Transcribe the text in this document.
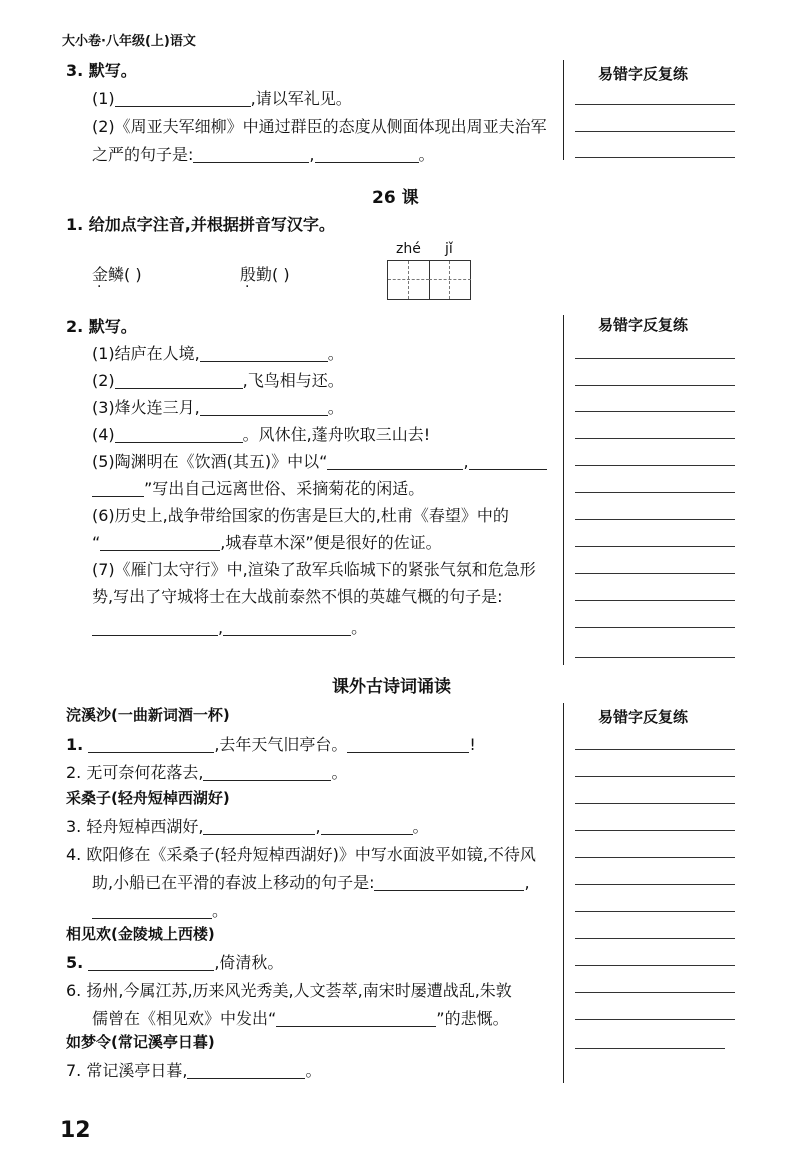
大小卷·八年级(上)语文
易错字反复练
易错字反复练
易错字反复练
3. 默写。
(1)	,请以军礼见。
(2)《周亚夫军细柳》中通过群臣的态度从侧面体现出周亚夫治军
之严的句子是:	,	。
26 课
1. 给加点字注音,并根据拼音写汉字。
金鳞( )	殷勤( )
zhé jǐ
2. 默写。
(1)结庐在人境,	。
(2)	,飞鸟相与还。
(3)烽火连三月,	。
(4)	。风休住,蓬舟吹取三山去!
(5)陶渊明在《饮酒(其五)》中以“	,
”写出自己远离世俗、采摘菊花的闲适。
(6)历史上,战争带给国家的伤害是巨大的,杜甫《春望》中的
“	,城春草木深”便是很好的佐证。
(7)《雁门太守行》中,渲染了敌军兵临城下的紧张气氛和危急形
势,写出了守城将士在大战前泰然不惧的英雄气概的句子是:
,	。
课外古诗词诵读
浣溪沙(一曲新词酒一杯)
1.	,去年天气旧亭台。	!
2. 无可奈何花落去,	。
采桑子(轻舟短棹西湖好)
3. 轻舟短棹西湖好,	,	。
4. 欧阳修在《采桑子(轻舟短棹西湖好)》中写水面波平如镜,不待风
助,小船已在平滑的春波上移动的句子是:	,
。
相见欢(金陵城上西楼)
5.	,倚清秋。
6. 扬州,今属江苏,历来风光秀美,人文荟萃,南宋时屡遭战乱,朱敦
儒曾在《相见欢》中发出“	”的悲慨。
如梦令(常记溪亭日暮)
7. 常记溪亭日暮,	。
12
